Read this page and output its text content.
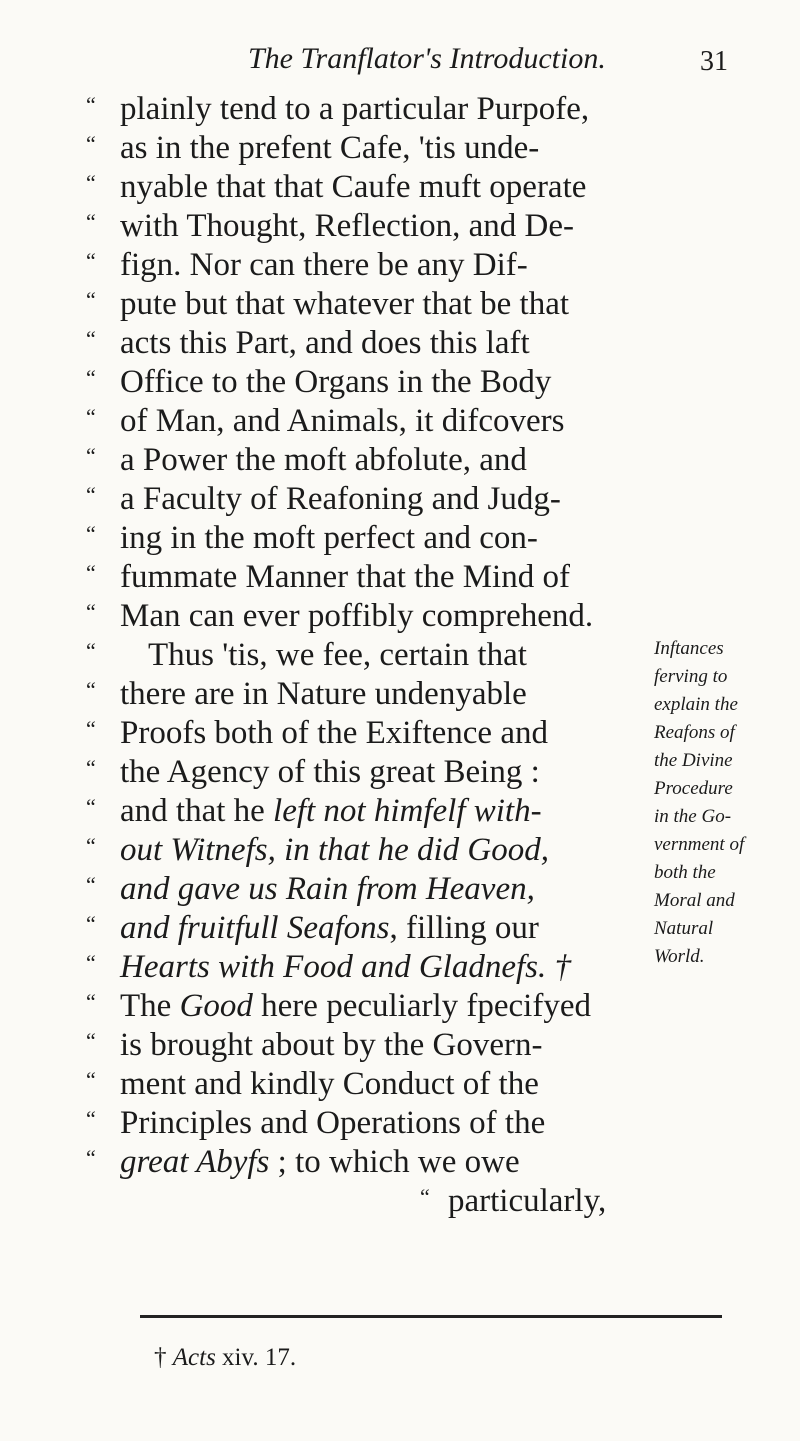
The Tranflator's Introduction.	31
“ plainly tend to a particular Purpofe,
“ as in the prefent Cafe, 'tis unde-
“ nyable that that Caufe muft operate
“ with Thought, Reflection, and De-
“ fign. Nor can there be any Dif-
“ pute but that whatever that be that
“ acts this Part, and does this laft
“ Office to the Organs in the Body
“ of Man, and Animals, it difcovers
“ a Power the moft abfolute, and
“ a Faculty of Reafoning and Judg-
“ ing in the moft perfect and con-
“ fummate Manner that the Mind of
“ Man can ever poffibly comprehend.
“ Thus 'tis, we fee, certain that
“ there are in Nature undenyable
“ Proofs both of the Exiftence and
“ the Agency of this great Being :
“ and that he left not himfelf with-
“ out Witnefs, in that he did Good,
“ and gave us Rain from Heaven,
“ and fruitfull Seafons, filling our
“ Hearts with Food and Gladnefs. †
“ The Good here peculiarly fpecifyed
“ is brought about by the Govern-
“ ment and kindly Conduct of the
“ Principles and Operations of the
“ great Abyfs ; to which we owe
“ particularly,
Inftances
ferving to
explain the
Reafons of
the Divine
Procedure
in the Go-
vernment of
both the
Moral and
Natural
World.
† Acts xiv. 17.
